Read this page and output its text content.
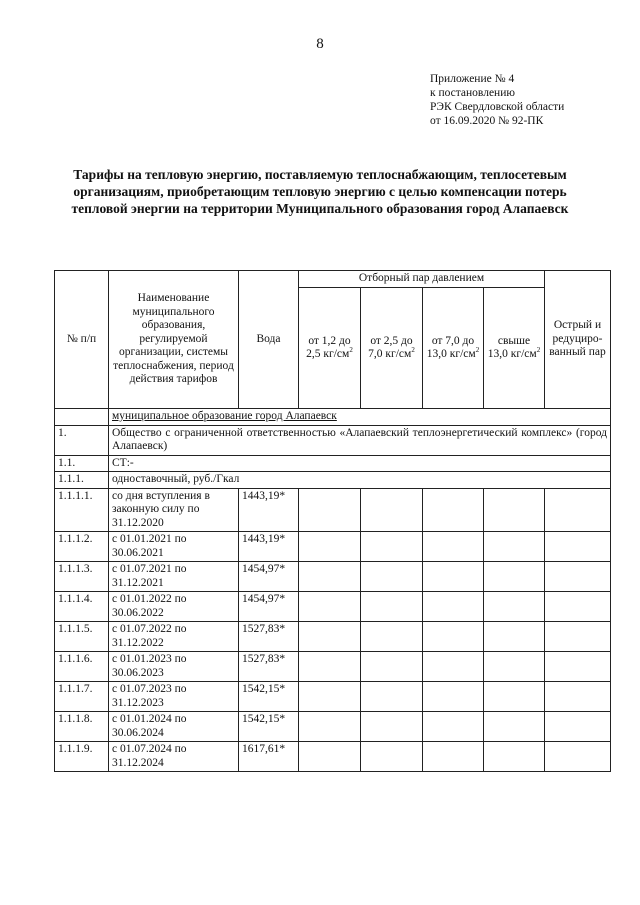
8
Приложение № 4
к постановлению
РЭК Свердловской области
от 16.09.2020 № 92-ПК
Тарифы на тепловую энергию, поставляемую теплоснабжающим, теплосетевым организациям, приобретающим тепловую энергию с целью компенсации потерь тепловой энергии на территории Муниципального образования город Алапаевск
№ п/п	Наименование муниципального образования, регулируемой организации, системы теплоснабжения, период действия тарифов	Вода	Отборный пар давлением				Острый и редуциро-ванный пар
			от 1,2 до 2,5 $кг/см^2$	от 2,5 до 7,0 $кг/см^2$	от 7,0 до 13,0 $кг/см^2$	свыше 13,0 $кг/см^2$
	муниципальное образование город Алапаевск						
1.	Общество с ограниченной ответственностью «Алапаевский теплоэнергетический комплекс» (город Алапаевск)						
1.1.	СТ:-						
1.1.1.	одноставочный, руб./Гкал						
1.1.1.1.	со дня вступления в законную силу по 31.12.2020	1443,19*					
1.1.1.2.	с 01.01.2021 по 30.06.2021	1443,19*					
1.1.1.3.	с 01.07.2021 по 31.12.2021	1454,97*					
1.1.1.4.	с 01.01.2022 по 30.06.2022	1454,97*					
1.1.1.5.	с 01.07.2022 по 31.12.2022	1527,83*					
1.1.1.6.	с 01.01.2023 по 30.06.2023	1527,83*					
1.1.1.7.	с 01.07.2023 по 31.12.2023	1542,15*					
1.1.1.8.	с 01.01.2024 по 30.06.2024	1542,15*					
1.1.1.9.	с 01.07.2024 по 31.12.2024	1617,61*					
